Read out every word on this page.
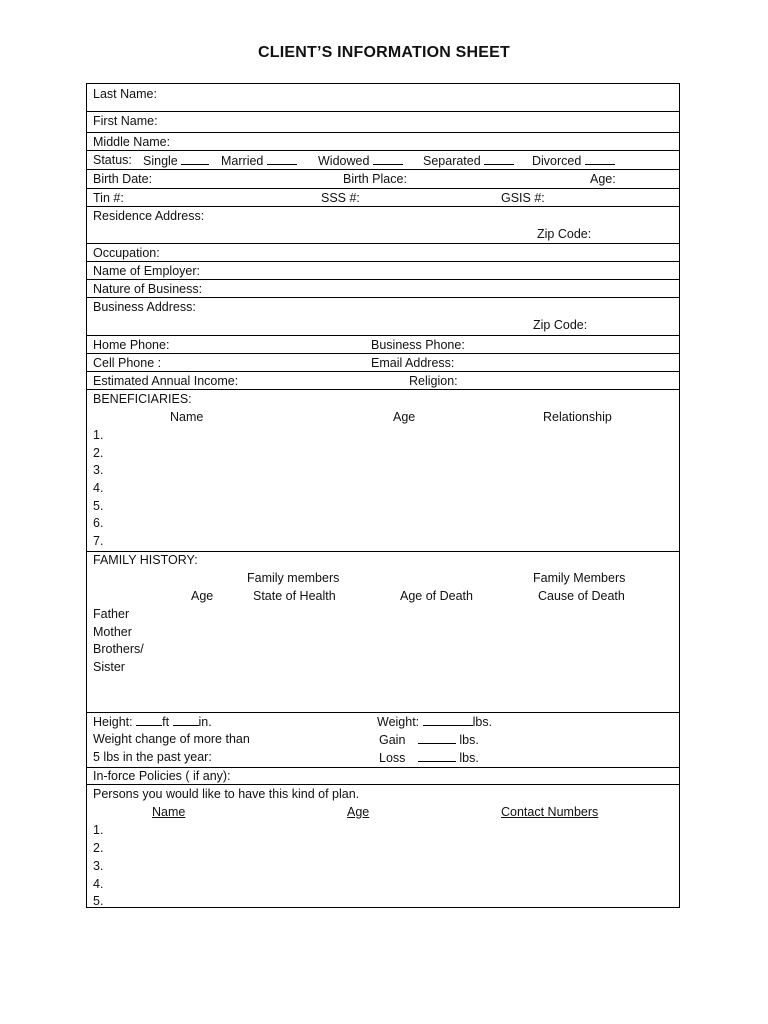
CLIENT’S INFORMATION SHEET
Last Name:
First Name:
Middle Name:
Status: Single	Married	Widowed	Separated	Divorced
Birth Date:	Birth Place:	Age:
Tin #:	SSS #:	GSIS #:
Residence Address:
Zip Code:
Occupation:
Name of Employer:
Nature of Business:
Business Address:
Zip Code:
Home Phone:	Business Phone:
Cell Phone :	Email Address:
Estimated Annual Income:	Religion:
BENEFICIARIES:
Name	Age	Relationship
1.
2.
3.
4.
5.
6.
7.
FAMILY HISTORY:
Family members	Family Members
Age	State of Health	Age of Death	Cause of Death
Father
Mother
Brothers/
Sister
Height: ft in.	Weight:	lbs.
Weight change of more than	Gain	lbs.
5 lbs in the past year:	Loss	lbs.
In-force Policies ( if any):
Persons you would like to have this kind of plan.
Name	Age	Contact Numbers
1.
2.
3.
4.
5.
